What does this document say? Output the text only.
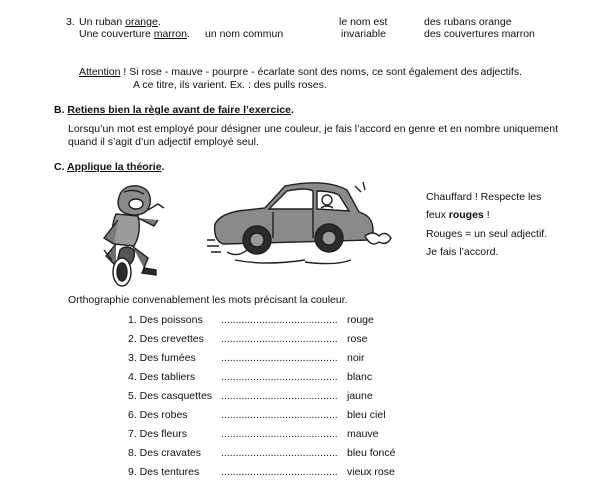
3. Un ruban orange.
Une couverture marron. un nom commun
le nom est
invariable
des rubans orange
des couvertures marron
Attention ! Si rose - mauve - pourpre - écarlate sont des noms, ce sont également des adjectifs.
A ce titre, ils varient. Ex. : des pulls roses.
B. Retiens bien la règle avant de faire l’exercice.
Lorsqu’un mot est employé pour désigner une couleur, je fais l’accord en genre et en nombre uniquement quand il s’agit d’un adjectif employé seul.
C. Applique la théorie.
Chauffard ! Respecte les
feux rouges !
Rouges = un seul adjectif.
Je fais l’accord.
Orthographie convenablement les mots précisant la couleur.
1. Des poissons ........................................ rouge
2. Des crevettes ........................................ rose
3. Des fumées ........................................ noir
4. Des tabliers ........................................ blanc
5. Des casquettes ........................................ jaune
6. Des robes	........................................ bleu ciel
7. Des fleurs	........................................ mauve
8. Des cravates ........................................ bleu foncé
9. Des tentures ........................................ vieux rose
